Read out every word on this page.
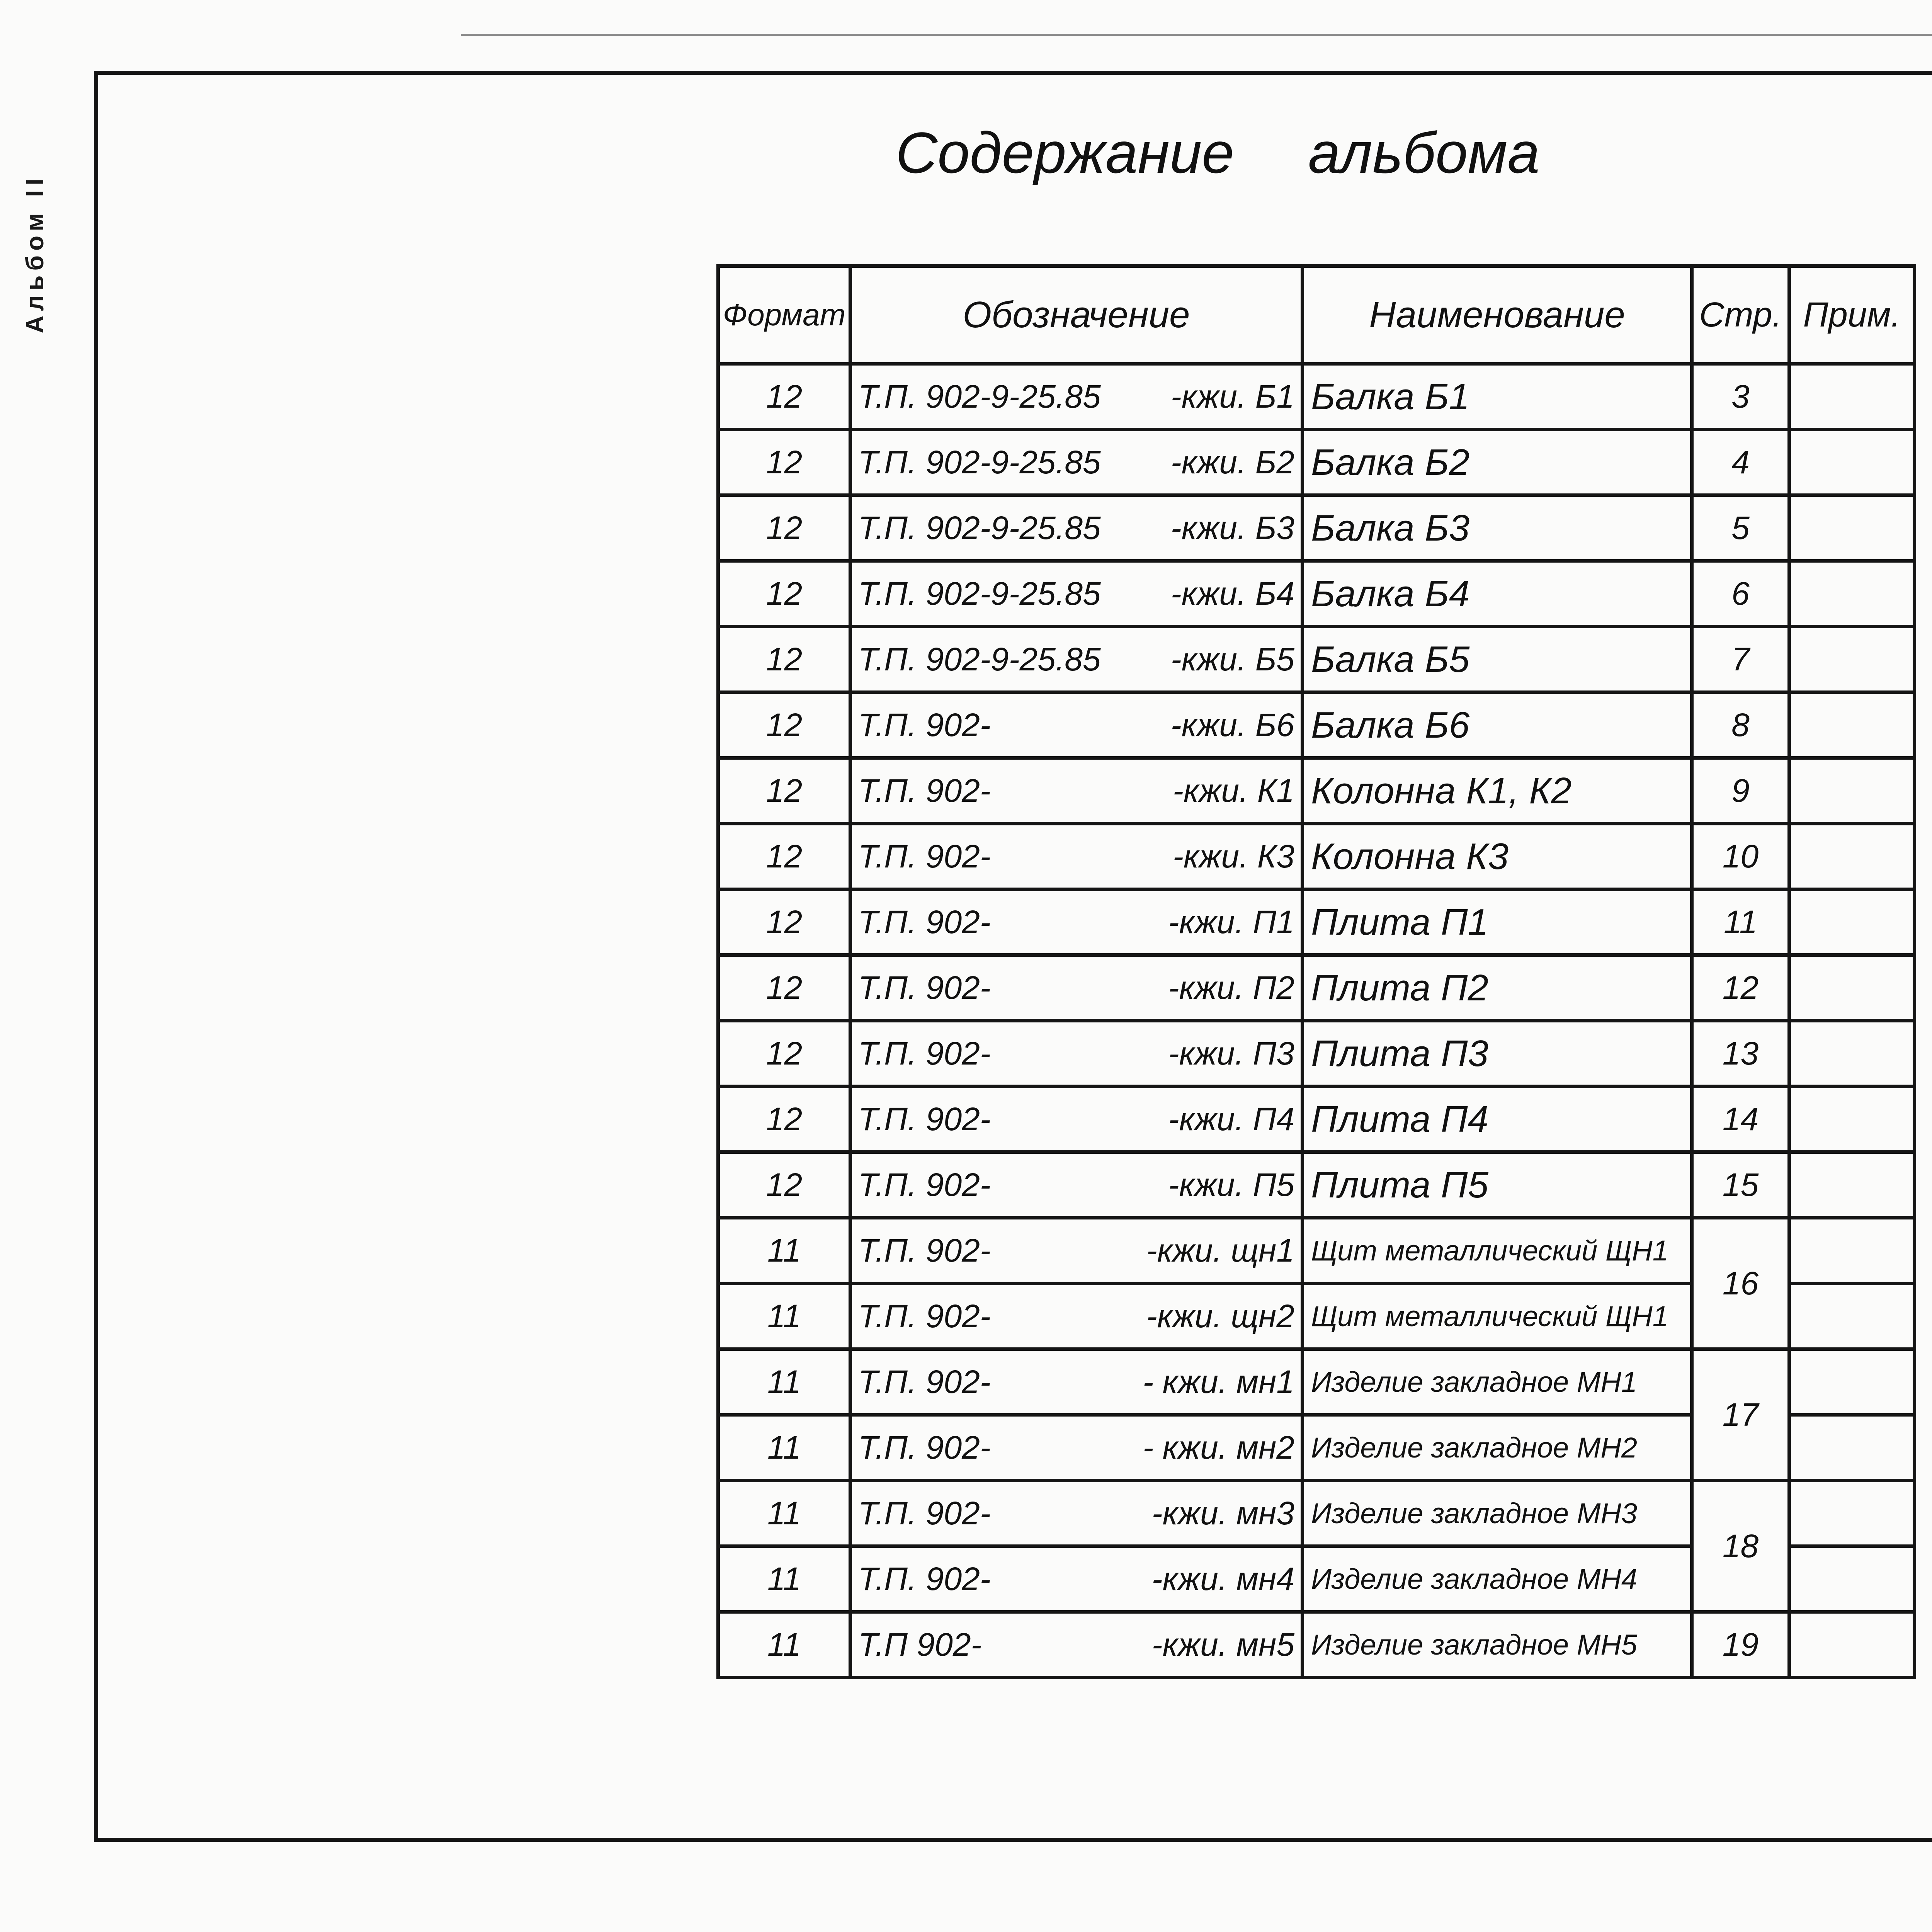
Альбом II
Содержание альбома
Формат	Обозначение	Наименование	Стр.	Прим.
12	Т.П. 902-9-25.85 -кжи. Б1	Балка Б1	3	
12	Т.П. 902-9-25.85 -кжи. Б2	Балка Б2	4	
12	Т.П. 902-9-25.85 -кжи. Б3	Балка Б3	5	
12	Т.П. 902-9-25.85 -кжи. Б4	Балка Б4	6	
12	Т.П. 902-9-25.85 -кжи. Б5	Балка Б5	7	
12	Т.П. 902- -кжи. Б6	Балка Б6	8	
12	Т.П. 902- -кжи. К1	Колонна К1, К2	9	
12	Т.П. 902- -кжи. К3	Колонна К3	10	
12	Т.П. 902- -кжи. П1	Плита П1	11	
12	Т.П. 902- -кжи. П2	Плита П2	12	
12	Т.П. 902- -кжи. П3	Плита П3	13	
12	Т.П. 902- -кжи. П4	Плита П4	14	
12	Т.П. 902- -кжи. П5	Плита П5	15	
11	Т.П. 902- -кжи. щн1	Щит металлический ЩН1	16	
11	Т.П. 902- -кжи. щн2	Щит металлический ЩН1		
11	Т.П. 902- - кжи. мн1	Изделие закладное МН1	17	
11	Т.П. 902- - кжи. мн2	Изделие закладное МН2		
11	Т.П. 902- -кжи. мн3	Изделие закладное МН3	18	
11	Т.П. 902- -кжи. мн4	Изделие закладное МН4		
11	Т.П 902- -кжи. мн5	Изделие закладное МН5	19	
